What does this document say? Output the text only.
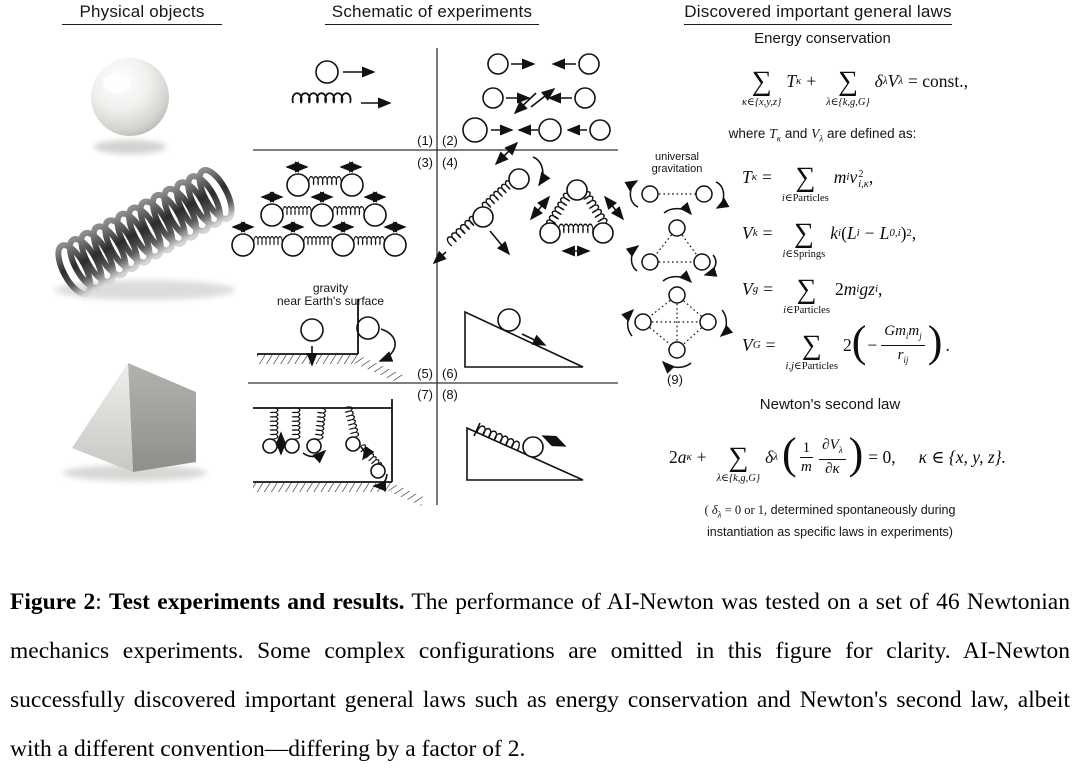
Physical objects	Schematic of experiments	Discovered important general laws
(1) (2)
(3) (4)
(5) (6)
(7) (8)
(9)
gravity
near Earth's surface
universal
gravitation
Energy conservation
∑
κ∈{x,y,z}
T κ + ∑
λ∈{k,g,G}
δ λ V λ = const.,
where $T_\kappa$ and $V_\lambda$ are defined as:
T κ = ∑
i∈Particles
m i v 2
i,κ ,
V k = ∑
i∈Springs
k i ( L i − L 0,i ) 2 ,
V g = ∑
i∈Particles
2 m i g z i ,
V G = ∑
i,j∈Particles
2 ( − $\frac{Gm_im_j}{r_{ij}}$ ) .
Newton's second law
2 a κ + ∑
λ∈{k,g,G}
δ λ ( $\frac{1}{m} \frac{\partial V_\lambda}{\partial\kappa}$ ) = 0, κ ∈ {x, y, z}.
( $\delta_\lambda = 0$ or 1, determined spontaneously during
instantiation as specific laws in experiments)

Figure 2: Test experiments and results. The performance of AI-Newton was tested on a set of 46 Newtonian mechanics experiments. Some complex configurations are omitted in this figure for clarity. AI-Newton successfully discovered important general laws such as energy conservation and Newton's second law, albeit with a different convention—differing by a factor of 2.
